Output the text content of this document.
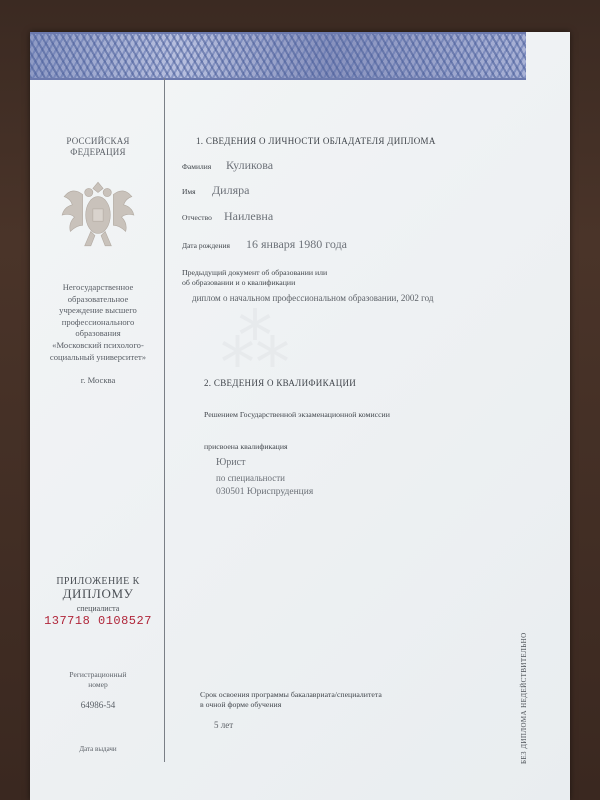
РОССИЙСКАЯ
ФЕДЕРАЦИЯ
Негосударственное
образовательное
учреждение высшего
профессионального
образования
«Московский психолого-
социальный университет»
г. Москва
ПРИЛОЖЕНИЕ К
ДИПЛОМУ
специалиста
137718 0108527
Регистрационный
номер
64986-54
Дата выдачи
⁂
1. СВЕДЕНИЯ О ЛИЧНОСТИ ОБЛАДАТЕЛЯ ДИПЛОМА
Фамилия Куликова
Имя Диляра
Отчество Наилевна
Дата рождения 16 января 1980 года
Предыдущий документ об образовании или
об образовании и о квалификации
диплом о начальном профессиональном образовании, 2002 год
2. СВЕДЕНИЯ О КВАЛИФИКАЦИИ
Решением Государственной экзаменационной комиссии
присвоена квалификация
Юрист
по специальности
030501 Юриспруденция
Срок освоения программы бакалавриата/специалитета
в очной форме обучения
5 лет	БЕЗ ДИПЛОМА НЕДЕЙСТВИТЕЛЬНО
